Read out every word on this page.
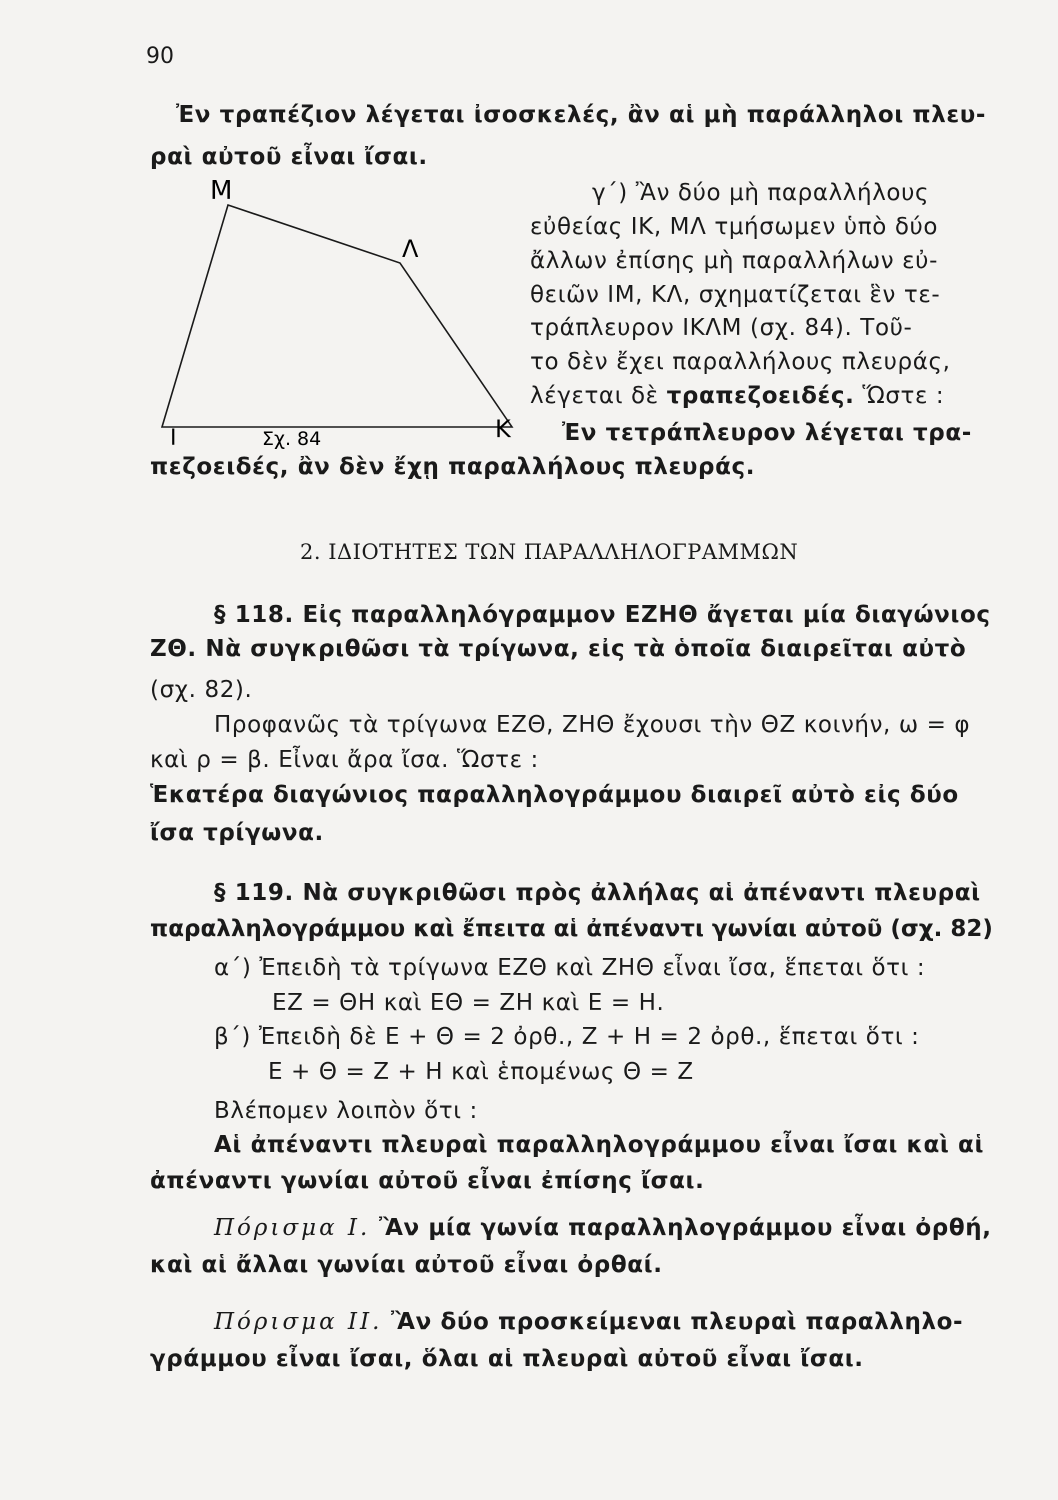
90
Ἐν τραπέζιον λέγεται ἰσοσκελές, ἂν αἱ μὴ παράλληλοι πλευ-
ραὶ αὐτοῦ εἶναι ἴσαι.
Μ
Λ
Ι	Κ
Σχ. 84
γ΄) Ἂν δύο μὴ παραλλήλους
εὐθείας ΙΚ, ΜΛ τμήσωμεν ὑπὸ δύο
ἄλλων ἐπίσης μὴ παραλλήλων εὐ-
θειῶν ΙΜ, ΚΛ, σχηματίζεται ἓν τε-
τράπλευρον ΙΚΛΜ (σχ. 84). Τοῦ-
το δὲν ἔχει παραλλήλους πλευράς,
λέγεται δὲ τραπεζοειδές. Ὥστε :
Ἐν τετράπλευρον λέγεται τρα-
πεζοειδές, ἂν δὲν ἔχῃ παραλλήλους πλευράς.
2. ΙΔΙΟΤΗΤΕΣ ΤΩΝ ΠΑΡΑΛΛΗΛΟΓΡΑΜΜΩΝ
§ 118. Εἰς παραλληλόγραμμον ΕΖΗΘ ἄγεται μία διαγώνιος
ΖΘ. Νὰ συγκριθῶσι τὰ τρίγωνα, εἰς τὰ ὁποῖα διαιρεῖται αὐτὸ
(σχ. 82).
Προφανῶς τὰ τρίγωνα ΕΖΘ, ΖΗΘ ἔχουσι τὴν ΘΖ κοινήν, ω = φ
καὶ ρ = β. Εἶναι ἄρα ἴσα. Ὥστε :
Ἑκατέρα διαγώνιος παραλληλογράμμου διαιρεῖ αὐτὸ εἰς δύο
ἴσα τρίγωνα.
§ 119. Νὰ συγκριθῶσι πρὸς ἀλλήλας αἱ ἀπέναντι πλευραὶ
παραλληλογράμμου καὶ ἔπειτα αἱ ἀπέναντι γωνίαι αὐτοῦ (σχ. 82)
α΄) Ἐπειδὴ τὰ τρίγωνα ΕΖΘ καὶ ΖΗΘ εἶναι ἴσα, ἕπεται ὅτι :
ΕΖ = ΘΗ καὶ ΕΘ = ΖΗ καὶ Ε = Η.
β΄) Ἐπειδὴ δὲ Ε + Θ = 2 ὀρθ., Ζ + Η = 2 ὀρθ., ἕπεται ὅτι :
Ε + Θ = Ζ + Η καὶ ἑπομένως Θ = Ζ
Βλέπομεν λοιπὸν ὅτι :
Αἱ ἀπέναντι πλευραὶ παραλληλογράμμου εἶναι ἴσαι καὶ αἱ
ἀπέναντι γωνίαι αὐτοῦ εἶναι ἐπίσης ἴσαι.
Πόρισμα Ι. Ἂν μία γωνία παραλληλογράμμου εἶναι ὀρθή,
καὶ αἱ ἄλλαι γωνίαι αὐτοῦ εἶναι ὀρθαί.
Πόρισμα ΙΙ. Ἂν δύο προσκείμεναι πλευραὶ παραλληλο-
γράμμου εἶναι ἴσαι, ὅλαι αἱ πλευραὶ αὐτοῦ εἶναι ἴσαι.
